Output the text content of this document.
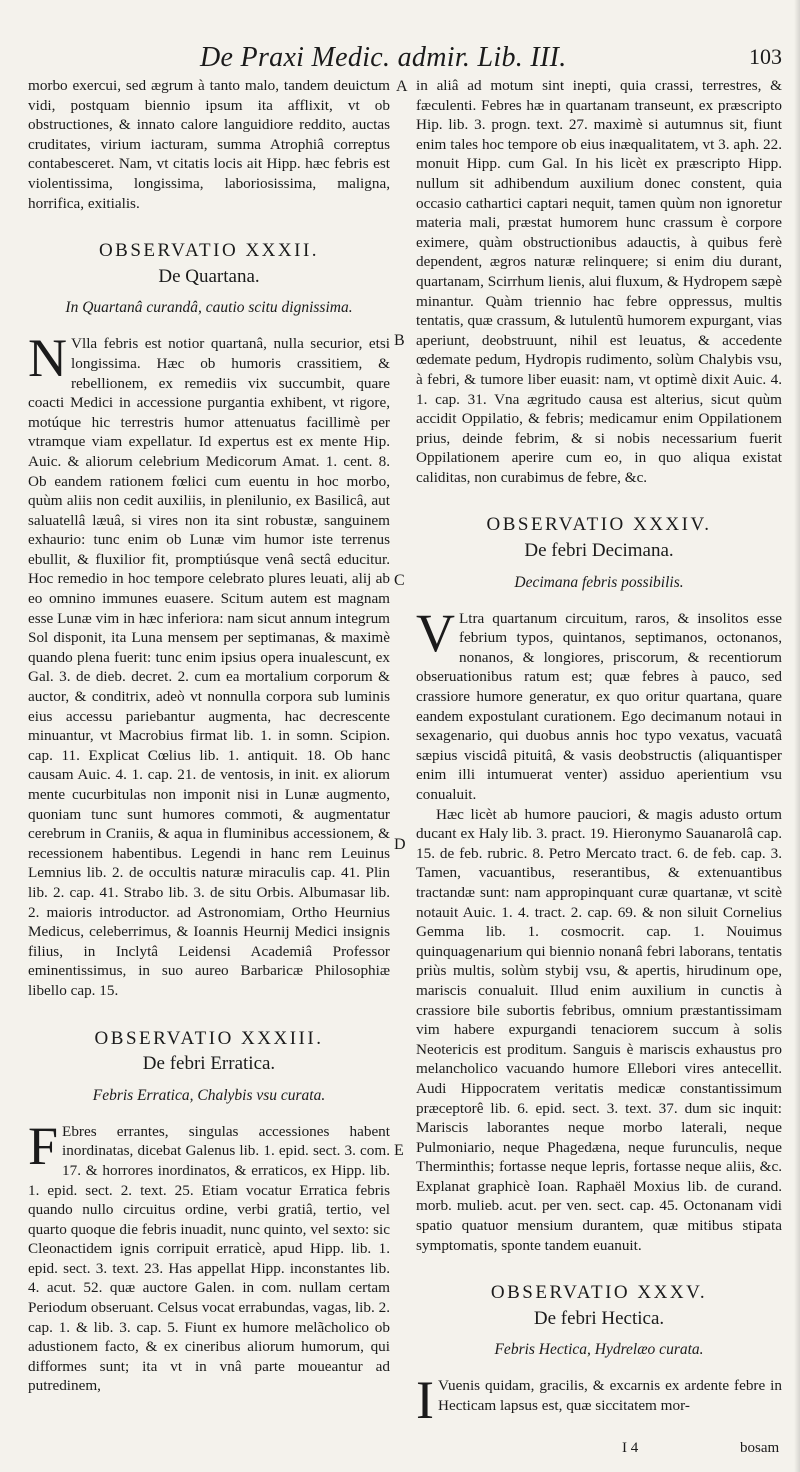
De Praxi Medic. admir. Lib. III.	103

morbo exercui, sed ægrum à tanto malo, tandem deuictum vidi, postquam biennio ipsum ita afflixit, vt ob obstructiones, & innato calore languidiore reddito, auctas cruditates, virium iacturam, summa Atrophiâ correptus contabesceret. Nam, vt citatis locis ait Hipp. hæc febris est violentissima, longissima, laboriosissima, maligna, horrifica, exitialis.

OBSERVATIO XXXII.
De Quartana.
In Quartanâ curandâ, cautio scitu dignissima.

N Vlla febris est notior quartanâ, nulla securior, etsi longissima. Hæc ob humoris crassitiem, & rebellionem, ex remediis vix succumbit, quare coacti Medici in accessione purgantia exhibent, vt rigore, motúque hic terrestris humor attenuatus facillimè per vtramque viam expellatur. Id expertus est ex mente Hip. Auic. & aliorum celebrium Medicorum Amat. 1. cent. 8. Ob eandem rationem fœlici cum euentu in hoc morbo, quùm aliis non cedit auxiliis, in plenilunio, ex Basilicâ, aut saluatellâ læuâ, si vires non ita sint robustæ, sanguinem exhaurio: tunc enim ob Lunæ vim humor iste terrenus ebullit, & fluxilior fit, promptiúsque venâ sectâ educitur. Hoc remedio in hoc tempore celebrato plures leuati, alij ab eo omnino immunes euasere. Scitum autem est magnam esse Lunæ vim in hæc inferiora: nam sicut annum integrum Sol disponit, ita Luna mensem per septimanas, & maximè quando plena fuerit: tunc enim ipsius opera inualescunt, ex Gal. 3. de dieb. decret. 2. cum ea mortalium corporum & auctor, & conditrix, adeò vt nonnulla corpora sub luminis eius accessu pariebantur augmenta, hac decrescente minuantur, vt Macrobius firmat lib. 1. in somn. Scipion. cap. 11. Explicat Cœlius lib. 1. antiquit. 18. Ob hanc causam Auic. 4. 1. cap. 21. de ventosis, in init. ex aliorum mente cucurbitulas non imponit nisi in Lunæ augmento, quoniam tunc sunt humores commoti, & augmentatur cerebrum in Craniis, & aqua in fluminibus accessionem, & recessionem habentibus. Legendi in hanc rem Leuinus Lemnius lib. 2. de occultis naturæ miraculis cap. 41. Plin lib. 2. cap. 41. Strabo lib. 3. de situ Orbis. Albumasar lib. 2. maioris introductor. ad Astronomiam, Ortho Heurnius Medicus, celeberrimus, & Ioannis Heurnij Medici insignis filius, in Inclytâ Leidensi Academiâ Professor eminentissimus, in suo aureo Barbaricæ Philosophiæ libello cap. 15.

OBSERVATIO XXXIII.
De febri Erratica.
Febris Erratica, Chalybis vsu curata.

F Ebres errantes, singulas accessiones habent inordinatas, dicebat Galenus lib. 1. epid. sect. 3. com. 17. & horrores inordinatos, & erraticos, ex Hipp. lib. 1. epid. sect. 2. text. 25. Etiam vocatur Erratica febris quando nullo circuitus ordine, verbi gratiâ, tertio, vel quarto quoque die febris inuadit, nunc quinto, vel sexto: sic Cleonactidem ignis corripuit erraticè, apud Hipp. lib. 1. epid. sect. 3. text. 23. Has appellat Hipp. inconstantes lib. 4. acut. 52. quæ auctore Galen. in com. nullam certam Periodum obseruant. Celsus vocat errabundas, vagas, lib. 2. cap. 1. & lib. 3. cap. 5. Fiunt ex humore melãcholico ob adustionem facto, & ex cineribus aliorum humorum, qui difformes sunt; ita vt in vnâ parte moueantur ad putredinem,

A
B
C
D
E

in aliâ ad motum sint inepti, quia crassi, terrestres, & fæculenti. Febres hæ in quartanam transeunt, ex præscripto Hip. lib. 3. progn. text. 27. maximè si autumnus sit, fiunt enim tales hoc tempore ob eius inæqualitatem, vt 3. aph. 22. monuit Hipp. cum Gal. In his licèt ex præscripto Hipp. nullum sit adhibendum auxilium donec constent, quia occasio cathartici captari nequit, tamen quùm non ignoretur materia mali, præstat humorem hunc crassum è corpore eximere, quàm obstructionibus adauctis, à quibus ferè dependent, ægros naturæ relinquere; si enim diu durant, quartanam, Scirrhum lienis, alui fluxum, & Hydropem sæpè minantur. Quàm triennio hac febre oppressus, multis tentatis, quæ crassum, & lutulentũ humorem expurgant, vias aperiunt, deobstruunt, nihil est leuatus, & accedente œdemate pedum, Hydropis rudimento, solùm Chalybis vsu, à febri, & tumore liber euasit: nam, vt optimè dixit Auic. 4. 1. cap. 31. Vna ægritudo causa est alterius, sicut quùm accidit Oppilatio, & febris; medicamur enim Oppilationem prius, deinde febrim, & si nobis necessarium fuerit Oppilationem aperire cum eo, in quo aliqua existat caliditas, non curabimus de febre, &c.

OBSERVATIO XXXIV.
De febri Decimana.
Decimana febris possibilis.

V Ltra quartanum circuitum, raros, & insolitos esse febrium typos, quintanos, septimanos, octonanos, nonanos, & longiores, priscorum, & recentiorum obseruationibus ratum est; quæ febres à pauco, sed crassiore humore generatur, ex quo oritur quartana, quare eandem expostulant curationem. Ego decimanum notaui in sexagenario, qui duobus annis hoc typo vexatus, vacuatâ sæpius viscidâ pituitâ, & vasis deobstructis (aliquantisper enim illi intumuerat venter) assiduo aperientium vsu conualuit.

Hæc licèt ab humore pauciori, & magis adusto ortum ducant ex Haly lib. 3. pract. 19. Hieronymo Sauanarolâ cap. 15. de feb. rubric. 8. Petro Mercato tract. 6. de feb. cap. 3. Tamen, vacuantibus, reserantibus, & extenuantibus tractandæ sunt: nam appropinquant curæ quartanæ, vt scitè notauit Auic. 1. 4. tract. 2. cap. 69. & non siluit Cornelius Gemma lib. 1. cosmocrit. cap. 1. Nouimus quinquagenarium qui biennio nonanâ febri laborans, tentatis priùs multis, solùm stybij vsu, & apertis, hirudinum ope, mariscis conualuit. Illud enim auxilium in cunctis à crassiore bile subortis febribus, omnium præstantissimam vim habere expurgandi tenaciorem succum à solis Neotericis est proditum. Sanguis è mariscis exhaustus pro melancholico vacuando humore Ellebori vires antecellit. Audi Hippocratem veritatis medicæ constantissimum præceptorê lib. 6. epid. sect. 3. text. 37. dum sic inquit: Mariscis laborantes neque morbo laterali, neque Pulmoniario, neque Phagedæna, neque furunculis, neque Therminthis; fortasse neque lepris, fortasse neque aliis, &c. Explanat graphicè Ioan. Raphaël Moxius lib. de curand. morb. mulieb. acut. per ven. sect. cap. 45. Octonanam vidi spatio quatuor mensium durantem, quæ mitibus stipata symptomatis, sponte tandem euanuit.

OBSERVATIO XXXV.
De febri Hectica.
Febris Hectica, Hydrelæo curata.

I Vuenis quidam, gracilis, & excarnis ex ardente febre in Hecticam lapsus est, quæ siccitatem mor-

I 4	bosam
